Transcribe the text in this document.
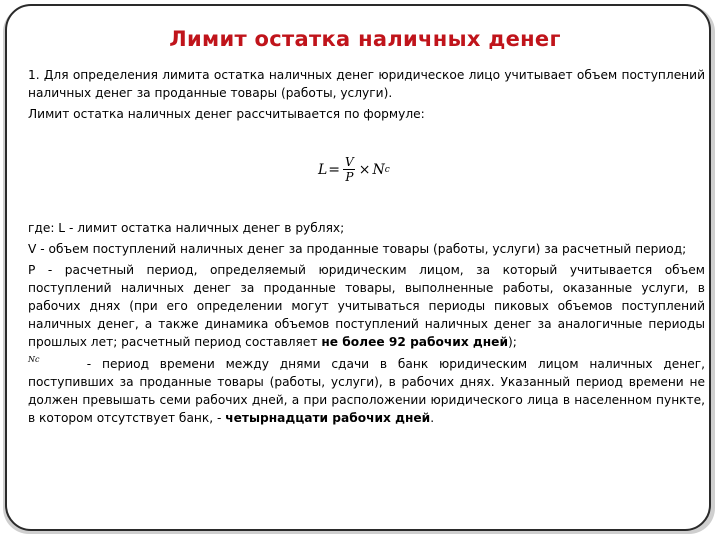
Лимит остатка наличных денег

1. Для определения лимита остатка наличных денег юридическое лицо учитывает объем поступлений наличных денег за проданные товары (работы, услуги).

Лимит остатка наличных денег рассчитывается по формуле:

$L = \frac{V}{P} \times N$ c

где: L - лимит остатка наличных денег в рублях;

V - объем поступлений наличных денег за проданные товары (работы, услуги) за расчетный период;

P - расчетный период, определяемый юридическим лицом, за который учитывается объем поступлений наличных денег за проданные товары, выполненные работы, оказанные услуги, в рабочих днях (при его определении могут учитываться периоды пиковых объемов поступлений наличных денег, а также динамика объемов поступлений наличных денег за аналогичные периоды прошлых лет; расчетный период составляет не более 92 рабочих дней);

Nc	- период времени между днями сдачи в банк юридическим лицом наличных денег, поступивших за проданные товары (работы, услуги), в рабочих днях. Указанный период времени не должен превышать семи рабочих дней, а при расположении юридического лица в населенном пункте, в котором отсутствует банк, - четырнадцати рабочих дней.
